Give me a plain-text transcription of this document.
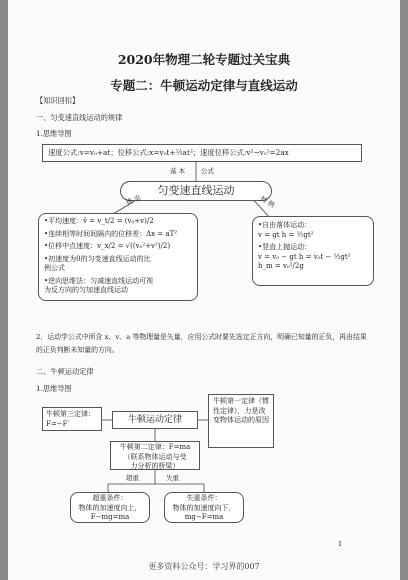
2020年物理二轮专题过关宝典
专题二：牛顿运动定律与直线运动
【知识回扣】
一、匀变速直线运动的规律
1.思维导图
速度公式:v=v₀+at；位移公式:x=v₀t+½at²；速度位移公式:v²−v₀²=2ax
基 本 公式
匀变速直线运动
推 论	特 例
•平均速度：v̄ = v_t/2 = (v₀+v)/2
•连续相等时间间隔内的位移差：Δx = aT²
•位移中点速度：v_x/2 = √((v₀²+v²)/2)
•初速度为0的匀变速直线运动的比
例公式
•逆向思维法：匀减速直线运动可视
为反方向的匀加速直线运动
•自由落体运动：
v = gt h = ½gt²
•竖直上抛运动：
v = v₀ − gt h = v₀t − ½gt²
h_m = v₀²/2g
2．运动学公式中所含 x、v、a 等物理量是矢量，应用公式时要先选定正方向，明确已知量的正负，再由结果
的正负判断未知量的方向。
二、牛顿运动定律
1.思维导图
牛顿第三定律：F=−F′	牛顿运动定律
牛顿第一定律（惯性定律），力是改变物体运动的原因
牛顿第二定律：F=ma
（联系物体运动与受
力分析的桥梁）
超重	失重
超重条件：
物体的加速度向上，
F−mg=ma
失重条件：
物体的加速度向下，
mg−F=ma
1
更多资料公众号：学习界的007
